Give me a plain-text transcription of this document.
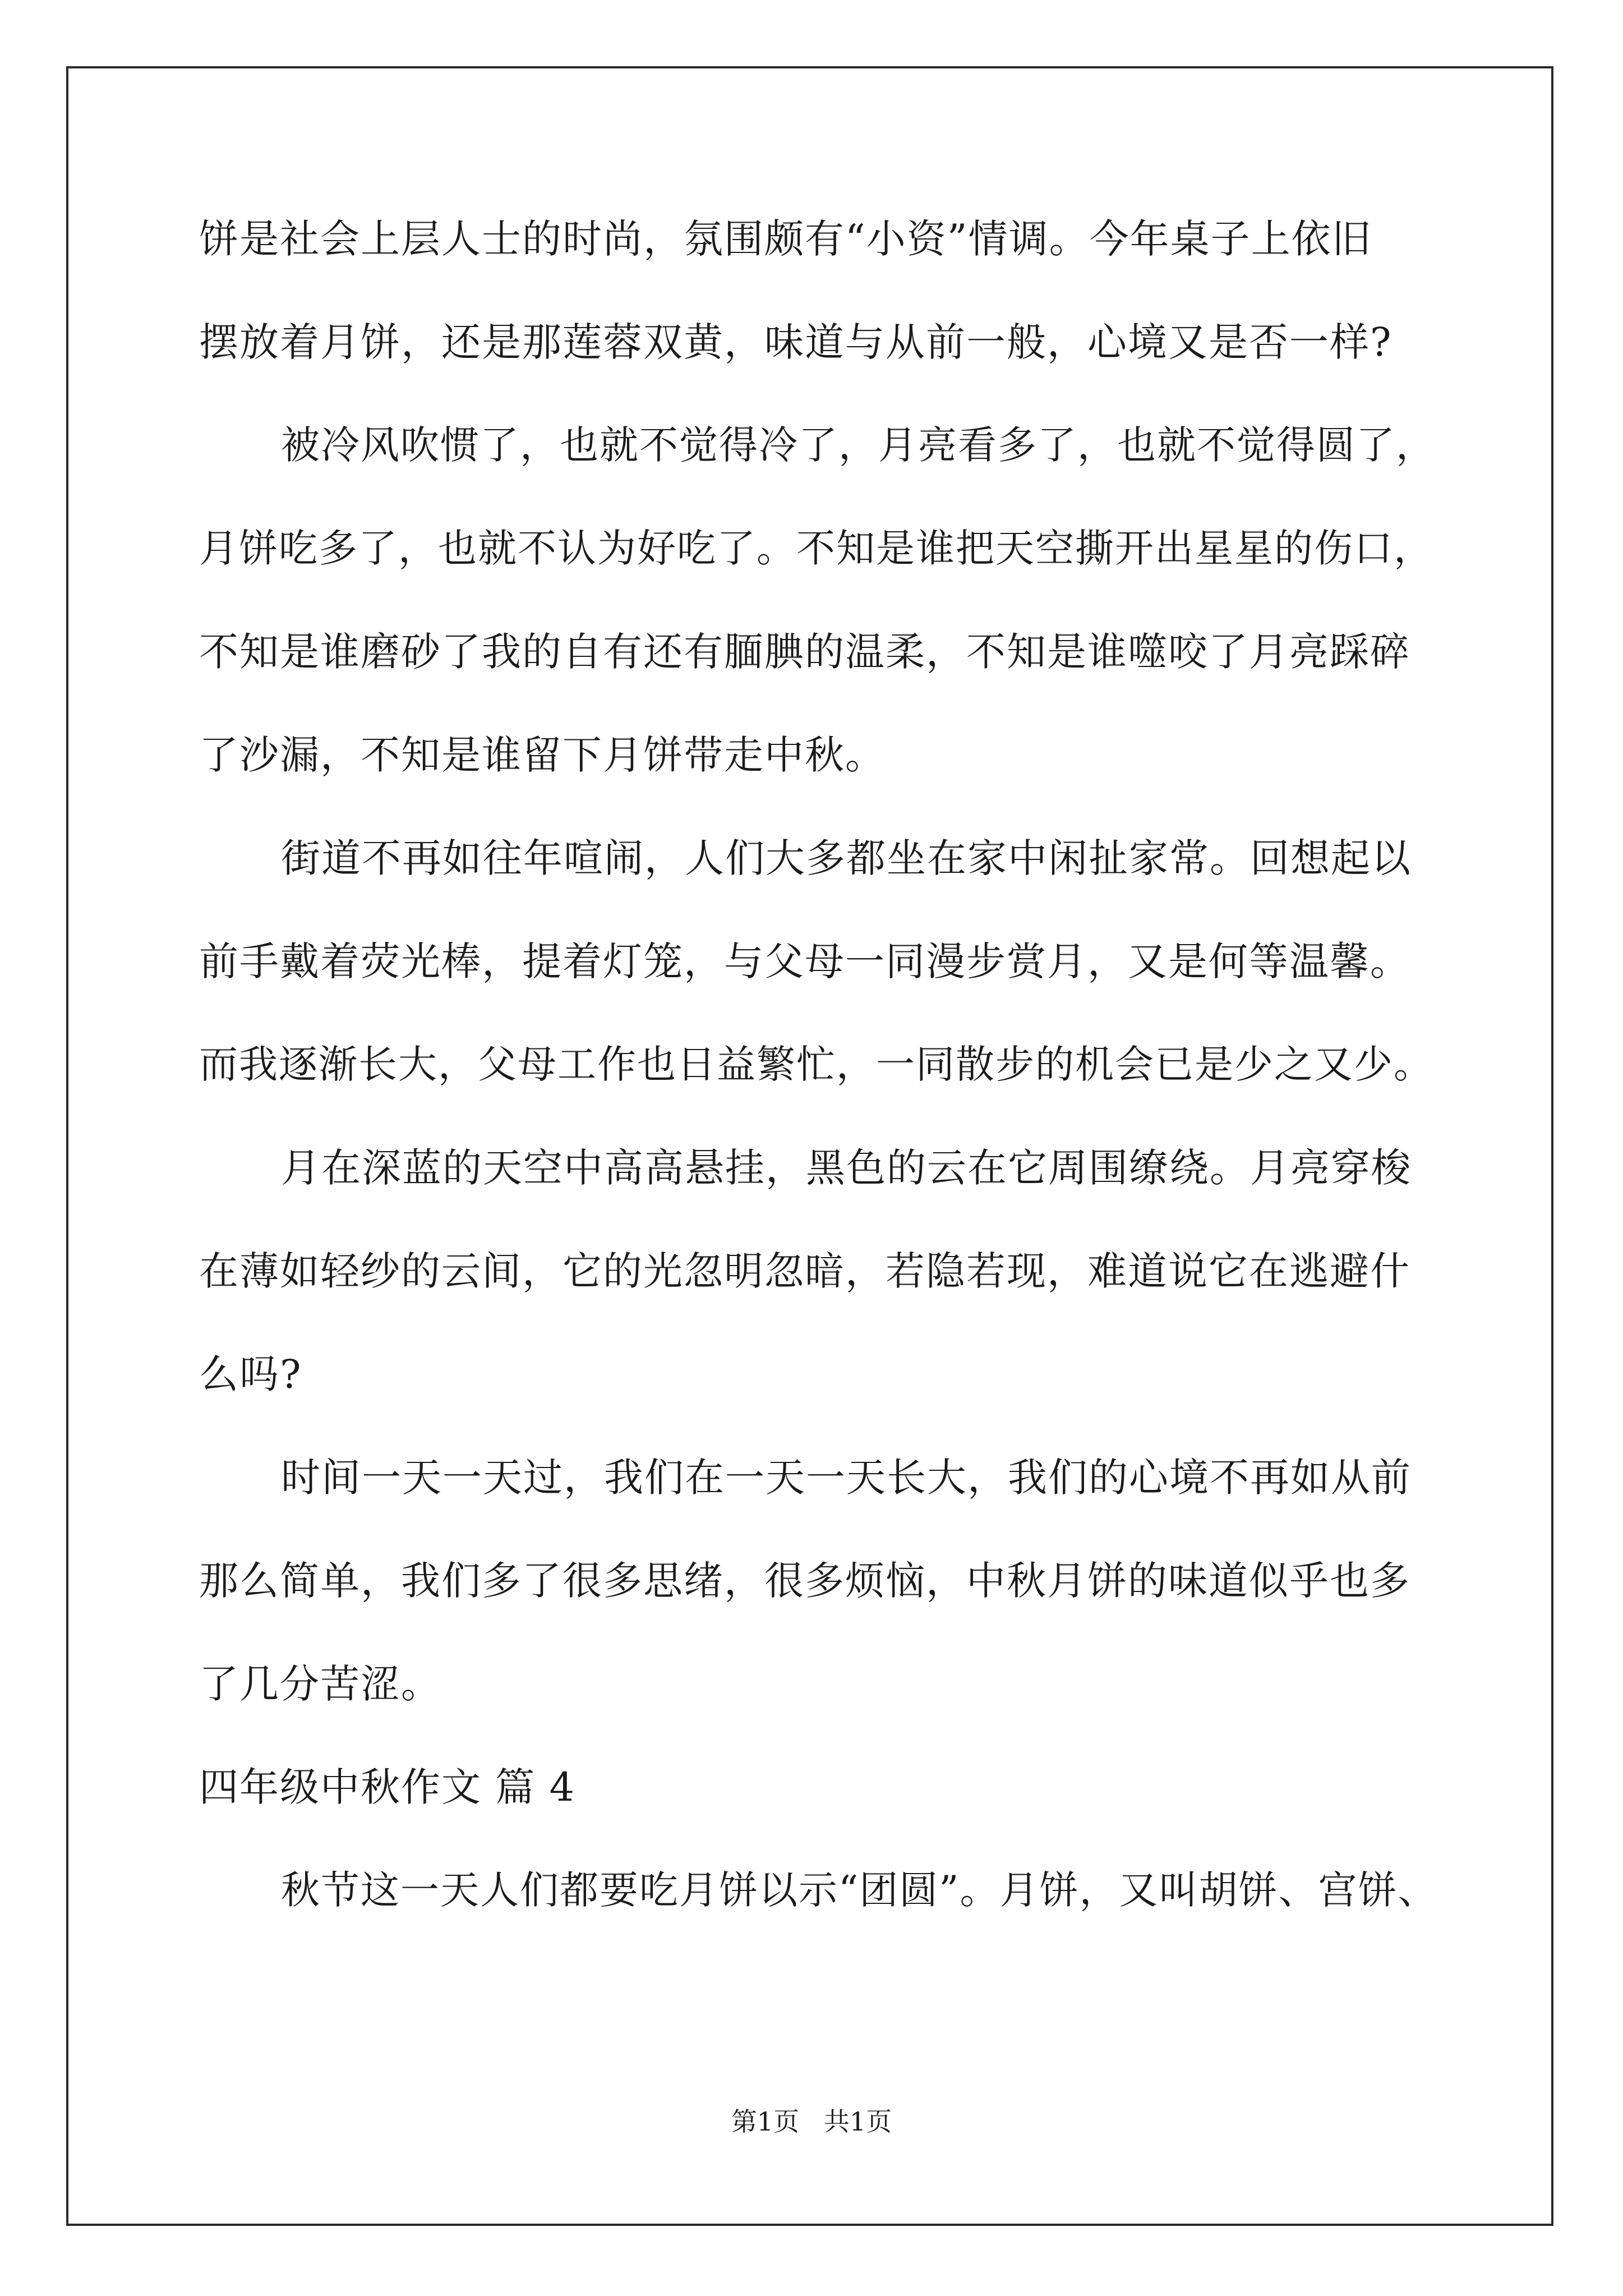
饼是社会上层人士的时尚，氛围颇有“小资”情调。今年桌子上依旧
摆放着月饼，还是那莲蓉双黄，味道与从前一般，心境又是否一样?
被冷风吹惯了，也就不觉得冷了，月亮看多了，也就不觉得圆了，
月饼吃多了，也就不认为好吃了。不知是谁把天空撕开出星星的伤口，
不知是谁磨砂了我的自有还有腼腆的温柔，不知是谁噬咬了月亮踩碎
了沙漏，不知是谁留下月饼带走中秋。
街道不再如往年喧闹，人们大多都坐在家中闲扯家常。回想起以
前手戴着荧光棒，提着灯笼，与父母一同漫步赏月，又是何等温馨。
而我逐渐长大，父母工作也日益繁忙，一同散步的机会已是少之又少。
月在深蓝的天空中高高悬挂，黑色的云在它周围缭绕。月亮穿梭
在薄如轻纱的云间，它的光忽明忽暗，若隐若现，难道说它在逃避什
么吗?
时间一天一天过，我们在一天一天长大，我们的心境不再如从前
那么简单，我们多了很多思绪，很多烦恼，中秋月饼的味道似乎也多
了几分苦涩。
四年级中秋作文 篇 4
秋节这一天人们都要吃月饼以示“团圆”。月饼，又叫胡饼、宫饼、
第1页   共1页
